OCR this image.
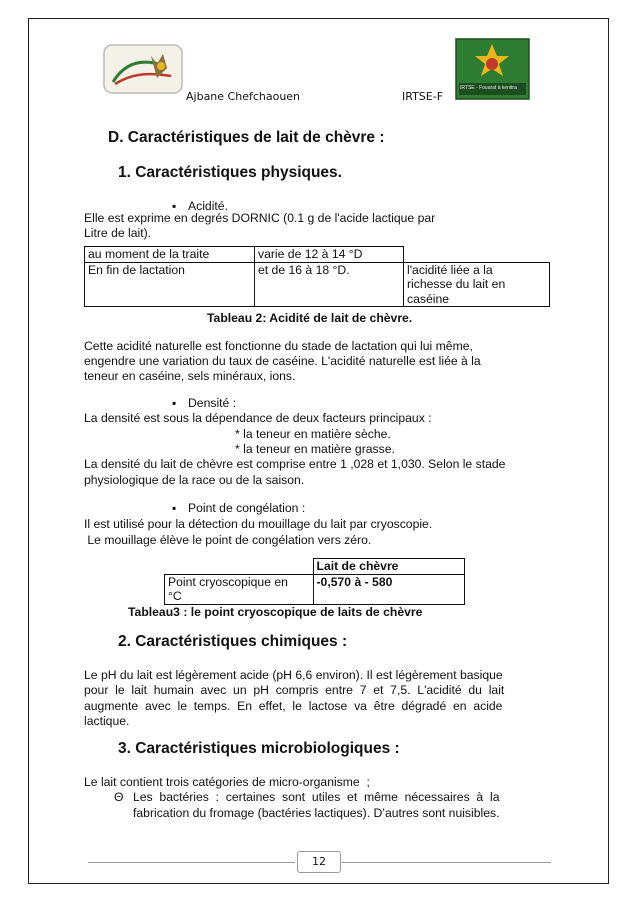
Ajbane Chefchaouen	IRTSE-F
IRTSE - Fouarat à kenitra
D. Caractéristiques de lait de chèvre :
1. Caractéristiques physiques.
▪ Acidité.
Elle est exprime en degrés DORNIC (0.1 g de l'acide lactique par
Litre de lait).
au moment de la traite	varie de 12 à 14 °D	
En fin de lactation	et de 16 à 18 °D.	l'acidité liée a la
richesse du lait en
caséine
Tableau 2: Acidité de lait de chèvre.
Cette acidité naturelle est fonctionne du stade de lactation qui lui même,
engendre une variation du taux de caséine. L'acidité naturelle est liée à la
teneur en caséine, sels minéraux, ions.
▪ Densité :
La densité est sous la dépendance de deux facteurs principaux :
* la teneur en matière sèche.
* la teneur en matière grasse.
La densité du lait de chèvre est comprise entre 1 ,028 et 1,030. Selon le stade
physiologique de la race ou de la saison.
▪ Point de congélation :
Il est utilisé pour la détection du mouillage du lait par cryoscopie.
Le mouillage élève le point de congélation vers zéro.
	Lait de chèvre

Point cryoscopique en
°C	-0,570 à - 580
Tableau3 : le point cryoscopique de laits de chèvre
2. Caractéristiques chimiques :
Le pH du lait est légèrement acide (pH 6,6 environ). Il est légèrement basique
pour  le  lait  humain  avec  un  pH  compris  entre  7  et  7,5.  L'acidité  du  lait
augmente  avec  le  temps.  En  effet,  le  lactose  va  être  dégradé  en  acide
lactique.
3. Caractéristiques microbiologiques :
Le lait contient trois catégories de micro-organisme  ;
Θ Les  bactéries  :  certaines  sont  utiles  et  même  nécessaires  à  la
fabrication du fromage (bactéries lactiques). D’autres sont nuisibles.
12
